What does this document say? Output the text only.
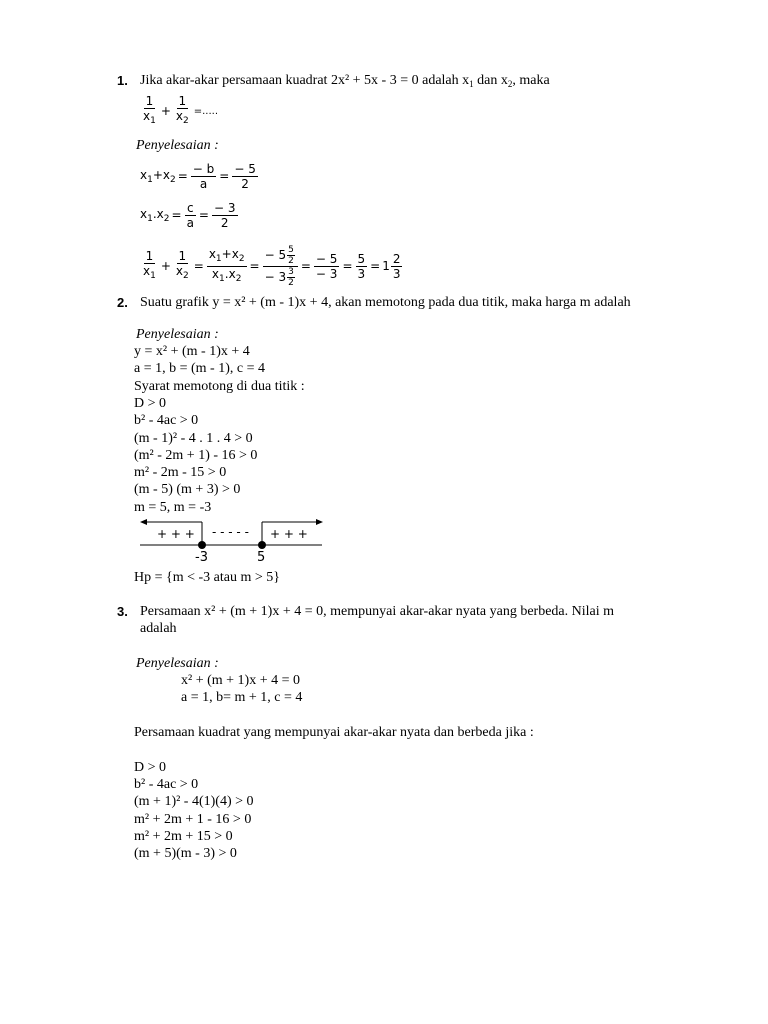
1. Jika akar-akar persamaan kuadrat 2x² + 5x - 3 = 0 adalah $x_1$ dan $x_2$, maka
$\frac{1}{x_1} + \frac{1}{x_2}$ =.....
Penyelesaian :
$x_1+x_2 = \frac{- b}{a} = \frac{- 5}{2}$
$x_1.x_2 = \frac{c}{a} = \frac{- 3}{2}$
$\frac{1}{x_1} + \frac{1}{x_2} = \frac{x_1+x_2}{x_1.x_2} = \frac{- 5 \frac{5}{2}}{- 3 \frac{3}{2}} = \frac{- 5}{- 3} = \frac{5}{3} = 1 \frac{2}{3}$
2. Suatu grafik y = x² + (m - 1)x + 4, akan memotong pada dua titik, maka harga m adalah
Penyelesaian :
y = x² + (m - 1)x + 4
a = 1, b = (m - 1), c = 4
Syarat memotong di dua titik :
D > 0
b² - 4ac > 0
(m - 1)² - 4 . 1 . 4 > 0
(m² - 2m + 1) - 16 > 0
m² - 2m - 15 > 0
(m - 5) (m + 3) > 0
m = 5, m = -3
+ + + - - - - - + + +
-3	5
Hp = {m < -3 atau m > 5}
3. Persamaan x² + (m + 1)x + 4 = 0, mempunyai akar-akar nyata yang berbeda. Nilai m
adalah
Penyelesaian :
x² + (m + 1)x + 4 = 0
a = 1, b= m + 1, c = 4
Persamaan kuadrat yang mempunyai akar-akar nyata dan berbeda jika :
D > 0
b² - 4ac > 0
(m + 1)² - 4(1)(4) > 0
m² + 2m + 1 - 16 > 0
m² + 2m + 15 > 0
(m + 5)(m - 3) > 0
